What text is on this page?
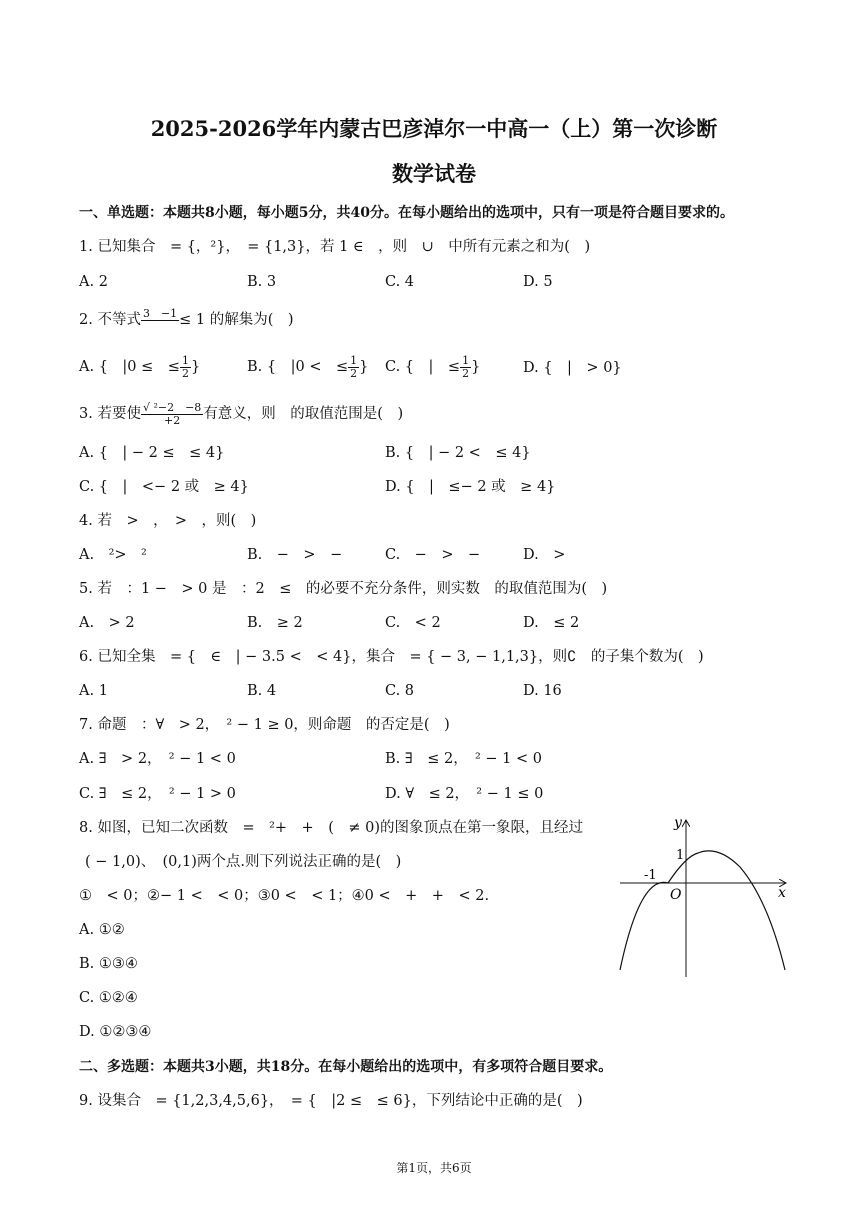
2025-2026学年内蒙古巴彦淖尔一中高一（上）第一次诊断
数学试卷
一、单选题：本题共8小题，每小题5分，共40分。在每小题给出的选项中，只有一项是符合题目要求的。
1. 已知集合　= {，²}，　= {1,3}，若 1 ∈　，则　∪　中所有元素之和为(　)
A. 2	B. 3	C. 4	D. 5
2. 不等式 3　−1
≤ 1 的解集为(　)
A. {　|0 ≤　≤ $\frac{1}{2}$ }	B. {　|0 <　≤ $\frac{1}{2}$ } C. {　|　≤ $\frac{1}{2}$ }	D. {　|　> 0}
3. 若要使 $\frac{\text{√ ²−2　−8}}{+2}$ 有意义，则　的取值范围是(　)
A. {　| − 2 ≤　≤ 4}	B. {　| − 2 <　≤ 4}
C. {　|　<− 2 或　≥ 4}	D. {　|　≤− 2 或　≥ 4}
4. 若　>　，　>　，则(　)
A.　²>　²	B.　−　>　−	C.　−　>　−	D.　>
5. 若　：1 −　> 0 是　：2　≤　的必要不充分条件，则实数　的取值范围为(　)
A.　> 2	B.　≥ 2	C.　< 2	D.　≤ 2
6. 已知全集　= {　∈　| − 3.5 <　< 4}，集合　= { − 3, − 1,1,3}，则∁　的子集个数为(　)
A. 1	B. 4	C. 8	D. 16
7. 命题　：∀　> 2，　² − 1 ≥ 0，则命题　的否定是(　)
A. ∃　> 2，　² − 1 < 0	B. ∃　≤ 2，　² − 1 < 0
C. ∃　≤ 2，　² − 1 > 0	D. ∀　≤ 2，　² − 1 ≤ 0
8. 如图，已知二次函数　=　²+　+　(　≠ 0)的图象顶点在第一象限，且经过
( − 1,0)、　(0,1)两个点.则下列说法正确的是(　)
①　< 0；②− 1 <　< 0；③0 <　< 1；④0 <　+　+　< 2.
A. ①②
B. ①③④
C. ①②④
D. ①②③④
y
x
O
1
-1
二、多选题：本题共3小题，共18分。在每小题给出的选项中，有多项符合题目要求。
9. 设集合　= {1,2,3,4,5,6}，　= {　|2 ≤　≤ 6}，下列结论中正确的是(　)
第1页，共6页
